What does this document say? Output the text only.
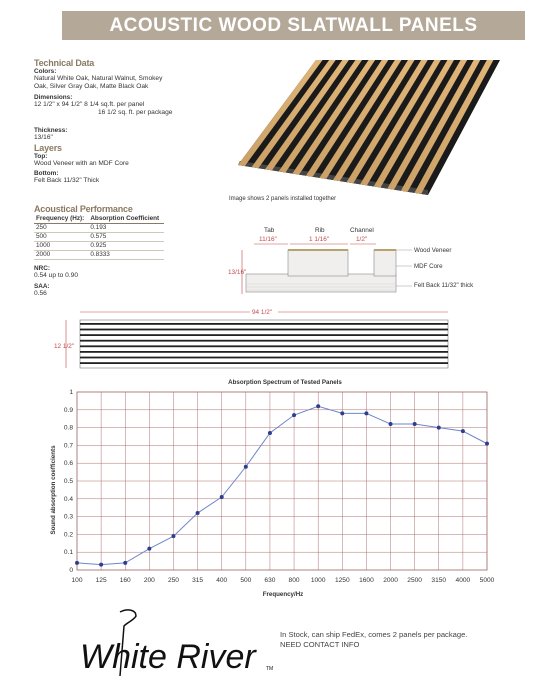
ACOUSTIC WOOD SLATWALL PANELS
Technical Data
Colors:
Natural White Oak, Natural Walnut, Smokey
Oak, Silver Gray Oak, Matte Black Oak
Dimensions:
12 1/2" x 94 1/2" 8 1/4 sq.ft. per panel
16 1/2 sq. ft. per package
Thickness:
13/16"
Layers
Top:
Wood Veneer with an MDF Core
Bottom:
Felt Back 11/32" Thick
Acoustical Performance
Frequency (Hz):	Absorption Coefficient
250	0.193
500	0.575
1000	0.925
2000	0.8333
NRC:
0.54 up to 0.90
SAA:
0.56
Image shows 2 panels installed together
Tab
11/16"
Rib
1 1/16"
Channel
1/2"
13/16"
Wood Veneer
MDF Core
Felt Back 11/32" thick
94 1/2"
12 1/2"
Absorption Spectrum of Tested Panels
Sound absorption coefficients
Frequency/Hz
0
0.1
0.2
0.3
0.4
0.5
0.6
0.7
0.8
0.9
1
100 125 160 200 250 315 400 500 630 800 1000 1250 1600 2000 2500 3150 4000 5000
White River	TM
In Stock, can ship FedEx, comes 2 panels per package.
NEED CONTACT INFO
